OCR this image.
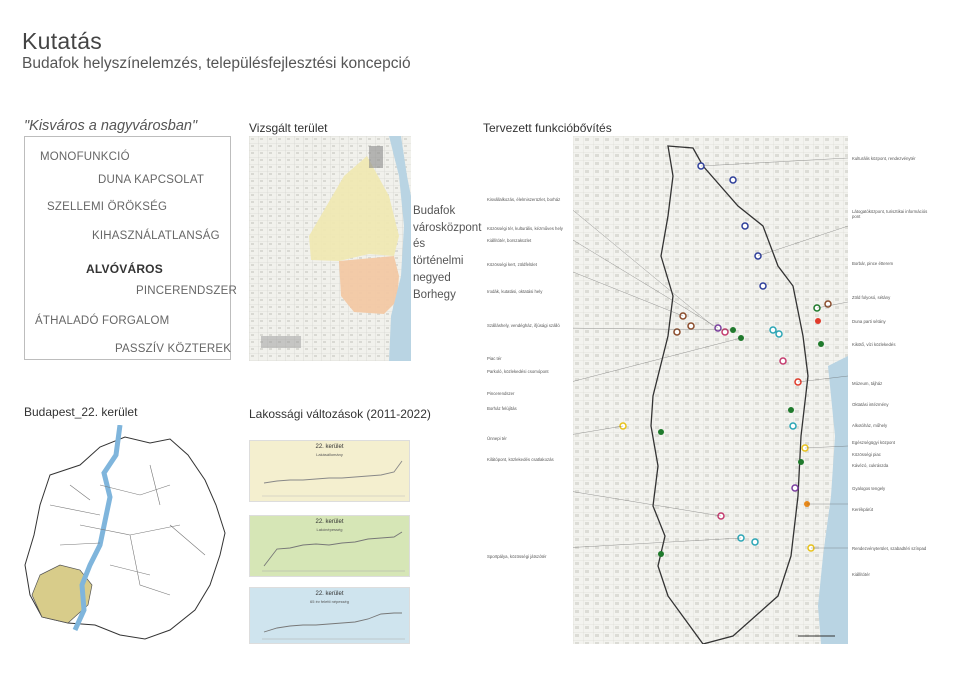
Kutatás
Budafok helyszínelemzés, településfejlesztési koncepció
"Kisváros a nagyvárosban"
MONOFUNKCIÓ
DUNA KAPCSOLAT
SZELLEMI ÖRÖKSÉG
KIHASZNÁLATLANSÁG
ALVÓVÁROS
PINCERENDSZER
ÁTHALADÓ FORGALOM
PASSZÍV KÖZTEREK
Vizsgált terület
Budafok városközpont és történelmi negyed
Borhegy
Budapest_22. kerület	Lakossági változások (2011-2022)
22. kerület
Lakásállomány
22. kerület
Lakónépesség
22. kerület
65 év feletti népesség
Tervezett funkcióbővítés
Kisvállalkozás, élelmiszerüzlet, borház
Közösségi tér, kulturális, kézműves hely
Kiállítótér, borszaküzlet
Közösségi kert, zöldfelület
Irodák, kutatási, oktatási hely
Szálláshely, vendégház, ifjúsági szálló
Piac tér
Parkoló, közlekedési csomópont
Pincerendszer
Borház felújítás
Ünnepi tér
Kilátópont, közlekedés csatlakozás
Sportpálya, közösségi játszótér
Kulturális központ, rendezvénytér
Látogatóközpont, turisztikai információs pont
Borbár, pince étterem
Zöld folyosó, sétány
Duna parti sétány
Kikötő, vízi közlekedés
Múzeum, tájház
Oktatási intézmény
Alkotóház, műhely
Egészségügyi központ
Közösségi piac
Kávézó, cukrászda
Gyalogos tengely
Kerékpárút
Rendezvényterület, szabadtéri színpad
Kiállítótér
